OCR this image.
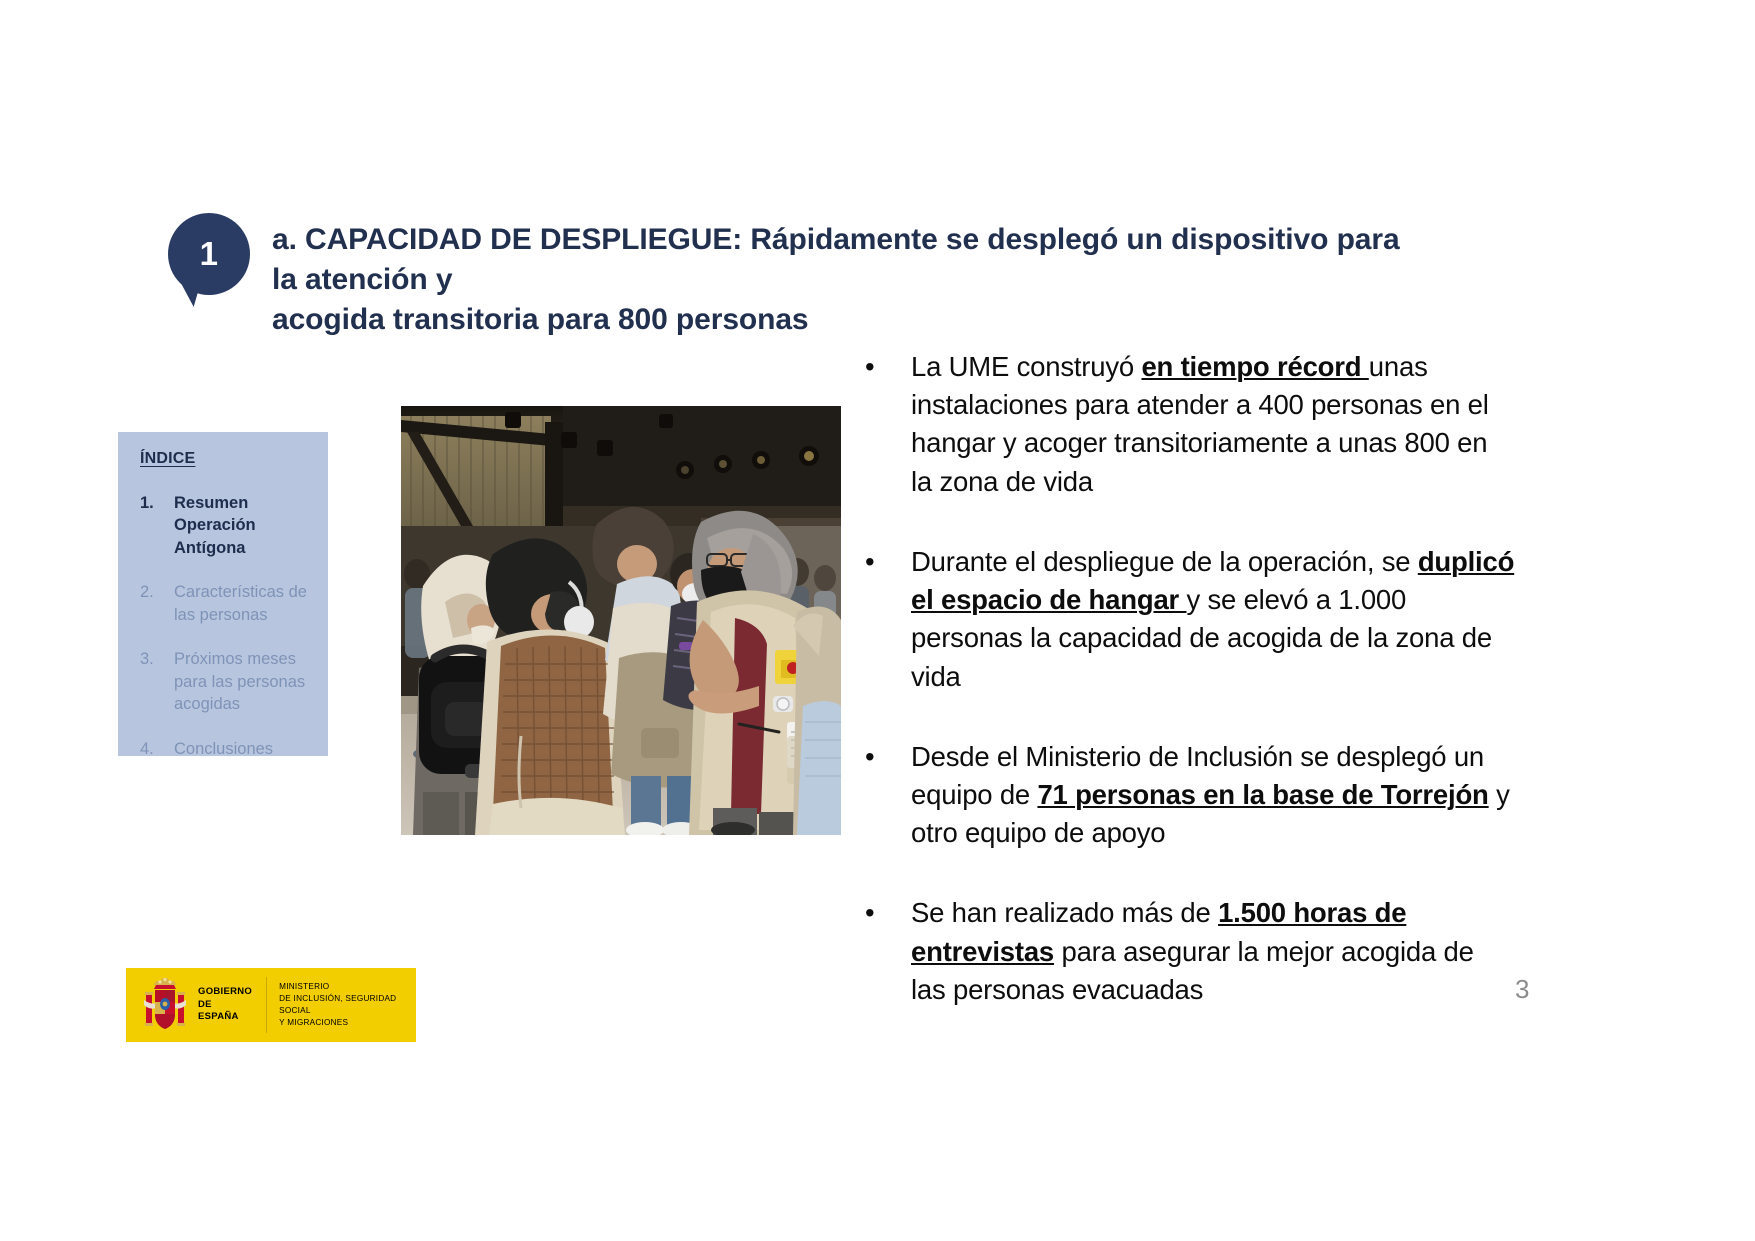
1	a. CAPACIDAD DE DESPLIEGUE: Rápidamente se desplegó un dispositivo para la atención y
acogida transitoria para 800 personas
ÍNDICE
1.	Resumen Operación Antígona
2.	Características de las personas
3.	Próximos meses para las personas acogidas
4.	Conclusiones
• La UME construyó en tiempo récord unas instalaciones para atender a 400 personas en el hangar y acoger transitoriamente a unas 800 en la zona de vida
• Durante el despliegue de la operación, se duplicó el espacio de hangar y se elevó a 1.000 personas la capacidad de acogida de la zona de vida
• Desde el Ministerio de Inclusión se desplegó un equipo de 71 personas en la base de Torrejón y otro equipo de apoyo
• Se han realizado más de 1.500 horas de entrevistas para asegurar la mejor acogida de las personas evacuadas
GOBIERNO
DE ESPAÑA
MINISTERIO
DE INCLUSIÓN, SEGURIDAD SOCIAL
Y MIGRACIONES
3
